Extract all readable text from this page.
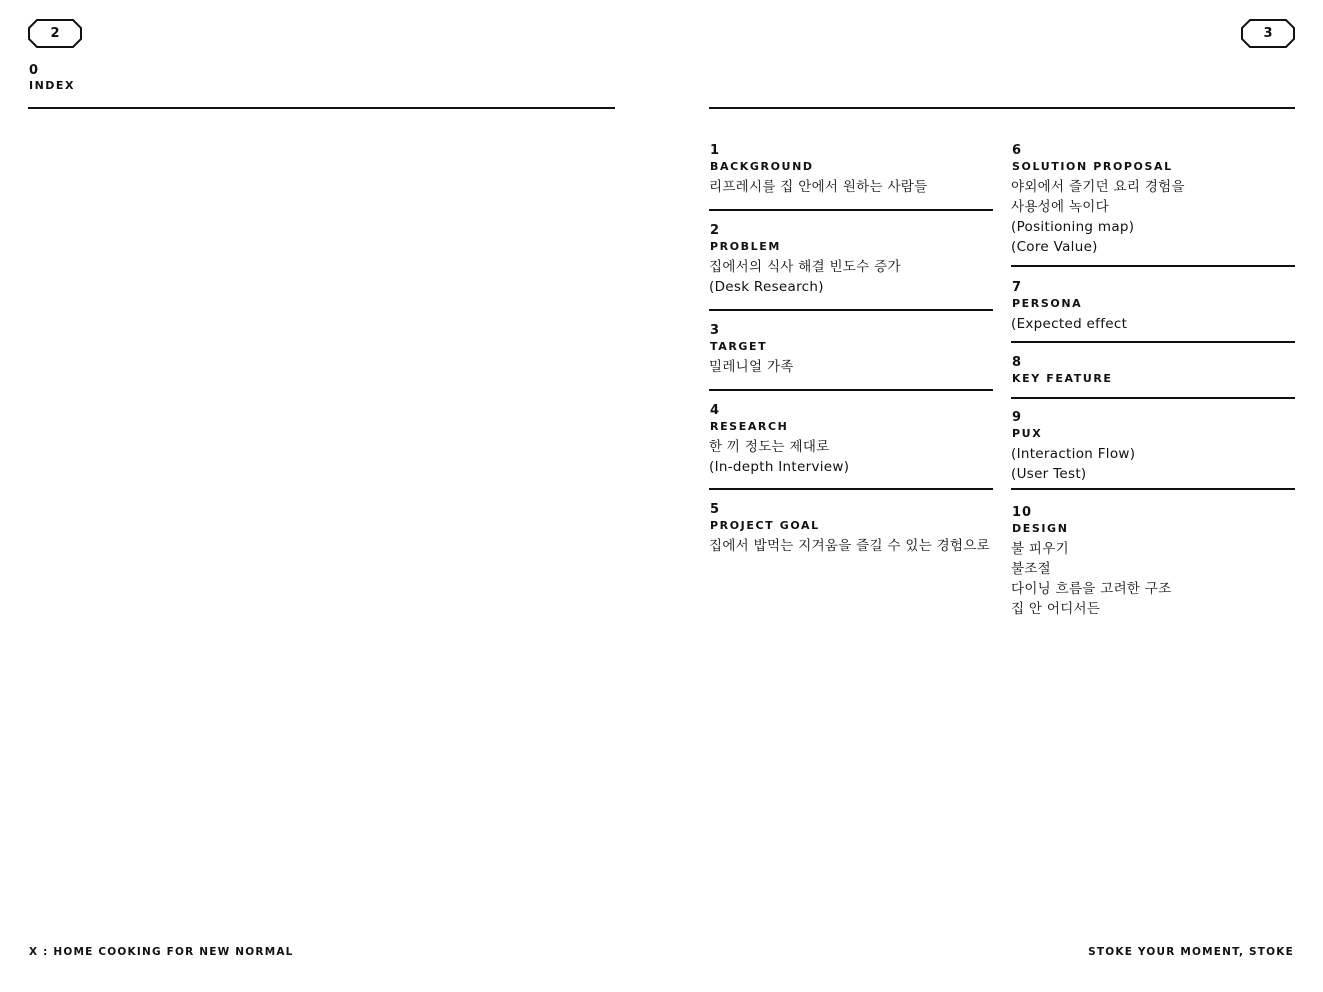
2	3
0
INDEX
1
BACKGROUND
리프레시를 집 안에서 원하는 사람들
2
PROBLEM
집에서의 식사 해결 빈도수 증가
(Desk Research)
3
TARGET
밀레니얼 가족
4
RESEARCH
한 끼 정도는 제대로
(In-depth Interview)
5
PROJECT GOAL
집에서 밥먹는 지겨움을 즐길 수 있는 경험으로
6
SOLUTION PROPOSAL
야외에서 즐기던 요리 경험을
사용성에 녹이다
(Positioning map)
(Core Value)
7
PERSONA
(Expected effect
8
KEY FEATURE
9
PUX
(Interaction Flow)
(User Test)
10
DESIGN
불 피우기
불조절
다이닝 흐름을 고려한 구조
집 안 어디서든
X : HOME COOKING FOR NEW NORMAL	STOKE YOUR MOMENT, STOKE
